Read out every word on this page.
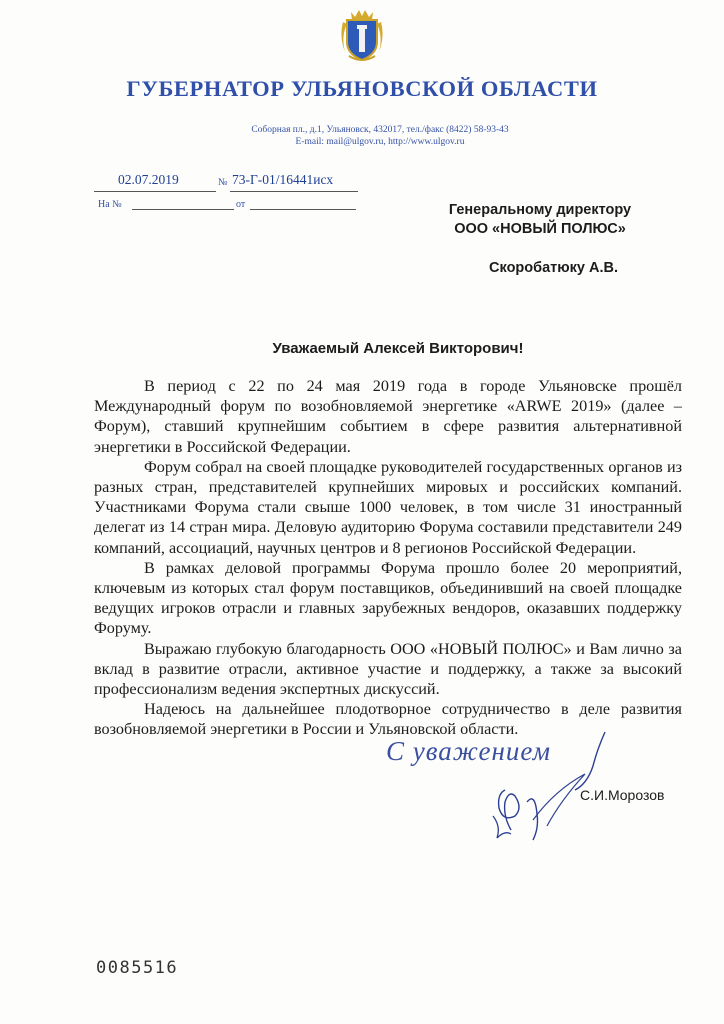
ГУБЕРНАТОР УЛЬЯНОВСКОЙ ОБЛАСТИ
Соборная пл., д.1, Ульяновск, 432017, тел./факс (8422) 58-93-43
E-mail: mail@ulgov.ru, http://www.ulgov.ru
02.07.2019	№ 73-Г-01/16441исх
На №	от	Генеральному директору
ООО «НОВЫЙ ПОЛЮС»
Скоробатюку А.В.
Уважаемый Алексей Викторович!

В период с 22 по 24 мая 2019 года в городе Ульяновске прошёл Международный форум по возобновляемой энергетике «ARWE 2019» (далее – Форум), ставший крупнейшим событием в сфере развития альтернативной энергетики в Российской Федерации.

Форум собрал на своей площадке руководителей государственных органов из разных стран, представителей крупнейших мировых и российских компаний. Участниками Форума стали свыше 1000 человек, в том числе 31 иностранный делегат из 14 стран мира. Деловую аудиторию Форума составили представители 249 компаний, ассоциаций, научных центров и 8 регионов Российской Федерации.

В рамках деловой программы Форума прошло более 20 мероприятий, ключевым из которых стал форум поставщиков, объединивший на своей площадке ведущих игроков отрасли и главных зарубежных вендоров, оказавших поддержку Форуму.

Выражаю глубокую благодарность ООО «НОВЫЙ ПОЛЮС» и Вам лично за вклад в развитие отрасли, активное участие и поддержку, а также за высокий профессионализм ведения экспертных дискуссий.

Надеюсь на дальнейшее плодотворное сотрудничество в деле развития возобновляемой энергетики в России и Ульяновской области.

С уважением
С.И.Морозов
0085516
